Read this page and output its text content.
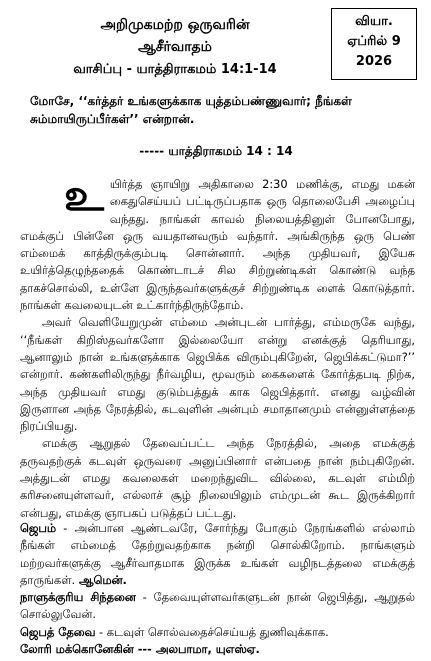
அறிமுகமற்ற ஒருவரின்
ஆசீர்வாதம்
வாசிப்பு - யாத்திராகமம் 14:1-14
வியா.
ஏப்ரில் 9
2026
மோசே, ‘‘கர்த்தர் உங்களுக்காக யுத்தம்பண்ணுவார்; நீங்கள் சும்மாயிருப்பீர்கள்’’ என்றான்.
----- யாத்திராகமம் 14 : 14

உயிர்த்த ஞாயிறு அதிகாலை 2:30 மணிக்கு, எமது மகன் கைதுசெய்யப் பட்டிருப்பதாக ஒரு தொலைபேசி அழைப்பு வந்தது. நாங்கள் காவல் நிலையத்தினுள் போனபோது, எமக்குப் பின்னே ஒரு வயதானவரும் வந்தார். அங்கிருந்த ஒரு பெண் எம்மைக் காத்திருக்கும்படி சொன்னார். அந்த முதியவர், இயேசு உயிர்த்தெழுந்ததைக் கொண்டாடச் சில சிற்றுண்டிகள் கொண்டு வந்த தாகச்சொல்லி, உள்ளே இருந்தவர்களுக்குச் சிற்றுண்டிக ளைக் கொடுத்தார். நாங்கள் கவலையுடன் உட்கார்ந்திருந்தோம்.

அவர் வெளியேறுமுன் எம்மை அன்புடன் பார்த்து, எம்மருகே வந்து, ‘‘நீங்கள் கிறிஸ்தவர்களோ இல்லையோ என்று எனக்குத் தெரியாது, ஆனாலும் நான் உங்களுக்காக ஜெபிக்க விரும்புகிறேன், ஜெபிக்கட்டுமா?’’ என்றார். கண்களிலிருந்து நீர்வழிய, மூவரும் கைகளைக் கோர்த்தபடி நிற்க, அந்த முதியவர் எமது குடும்பத்துக் காக ஜெபித்தார். எனது வழ்வின் இருளான அந்த நேரத்தில், கடவுளின் அன்பும் சமாதானமும் என்னுள்ளத்தை நிரப்பியது.

எமக்கு ஆறுதல் தேவைப்பட்ட அந்த நேரத்தில், அதை எமக்குத் தருவதற்குக் கடவுள் ஒருவரை அனுப்பினார் என்பதை நான் நம்புகிறேன். அத்துடன் எமது கவலைகள் மறைந்துவிட வில்லை, கடவுள் எம்மிற் கரிசனையுள்ளவர், எல்லாச் சூழ் நிலையிலும் எம்முடன் கூட இருக்கிறார் என்பது, எமக்கு ஞாபகப் படுத்தப் பட்டது.

ஜெபம் - அன்பான ஆண்டவரே, சோர்ந்து போகும் நேரங்களில் எல்லாம் நீங்கள் எம்மைத் தேற்றுவதற்காக நன்றி சொல்கிறோம். நாங்களும் மற்றவர்களுக்கு ஆசீர்வாதமாக இருக்க உங்கள் வழிநடத்தலை எமக்குத் தாருங்கள். ஆமென்.

நாளுக்குரிய சிந்தனை - தேவையுள்ளவர்களுடன் நான் ஜெபித்து, ஆறுதல் சொல்லுவேன்.

ஜெபத் தேவை - கடவுள் சொல்வதைச்செய்யத் துணிவுக்காக.

லோரி மக்கொனேகின் --- அலபாமா, யுஎஸ்ஏ.
